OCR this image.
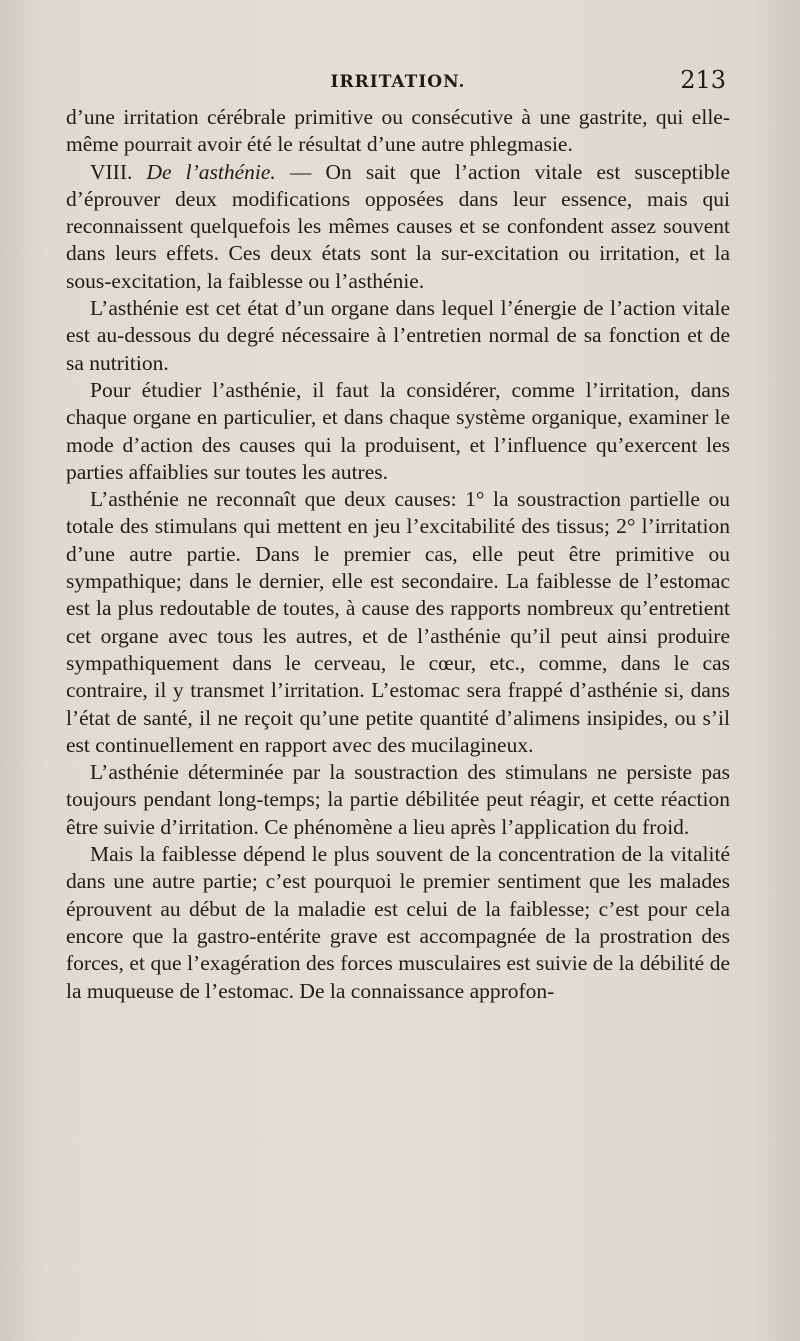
IRRITATION.	213

d’une irritation cérébrale primitive ou consécutive à une gastrite, qui elle-même pourrait avoir été le résultat d’une autre phlegmasie.

VIII. De l’asthénie. — On sait que l’action vitale est susceptible d’éprouver deux modifications opposées dans leur essence, mais qui reconnaissent quelquefois les mêmes causes et se confondent assez souvent dans leurs effets. Ces deux états sont la sur-excitation ou irritation, et la sous-excitation, la faiblesse ou l’asthénie.

L’asthénie est cet état d’un organe dans lequel l’énergie de l’action vitale est au-dessous du degré nécessaire à l’entretien normal de sa fonction et de sa nutrition.

Pour étudier l’asthénie, il faut la considérer, comme l’irritation, dans chaque organe en particulier, et dans chaque système organique, examiner le mode d’action des causes qui la produisent, et l’influence qu’exercent les parties affaiblies sur toutes les autres.

L’asthénie ne reconnaît que deux causes: 1° la soustraction partielle ou totale des stimulans qui mettent en jeu l’excitabilité des tissus; 2° l’irritation d’une autre partie. Dans le premier cas, elle peut être primitive ou sympathique; dans le dernier, elle est secondaire. La faiblesse de l’estomac est la plus redoutable de toutes, à cause des rapports nombreux qu’entretient cet organe avec tous les autres, et de l’asthénie qu’il peut ainsi produire sympathiquement dans le cerveau, le cœur, etc., comme, dans le cas contraire, il y transmet l’irritation. L’estomac sera frappé d’asthénie si, dans l’état de santé, il ne reçoit qu’une petite quantité d’alimens insipides, ou s’il est continuellement en rapport avec des mucilagineux.

L’asthénie déterminée par la soustraction des stimulans ne persiste pas toujours pendant long-temps; la partie débilitée peut réagir, et cette réaction être suivie d’irritation. Ce phénomène a lieu après l’application du froid.

Mais la faiblesse dépend le plus souvent de la concentration de la vitalité dans une autre partie; c’est pourquoi le premier sentiment que les malades éprouvent au début de la maladie est celui de la faiblesse; c’est pour cela encore que la gastro-entérite grave est accompagnée de la prostration des forces, et que l’exagération des forces musculaires est suivie de la débilité de la muqueuse de l’estomac. De la connaissance approfon-
